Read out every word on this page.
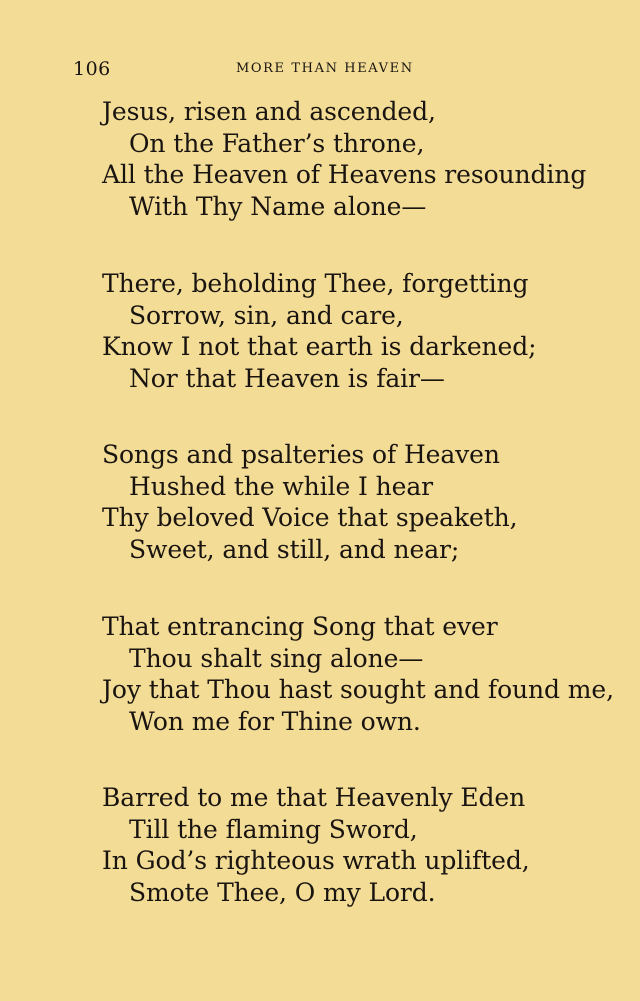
106	MORE THAN HEAVEN
Jesus, risen and ascended,
On the Father’s throne,
All the Heaven of Heavens resounding
With Thy Name alone—
There, beholding Thee, forgetting
Sorrow, sin, and care,
Know I not that earth is darkened;
Nor that Heaven is fair—
Songs and psalteries of Heaven
Hushed the while I hear
Thy beloved Voice that speaketh,
Sweet, and still, and near;
That entrancing Song that ever
Thou shalt sing alone—
Joy that Thou hast sought and found me,
Won me for Thine own.
Barred to me that Heavenly Eden
Till the flaming Sword,
In God’s righteous wrath uplifted,
Smote Thee, O my Lord.
